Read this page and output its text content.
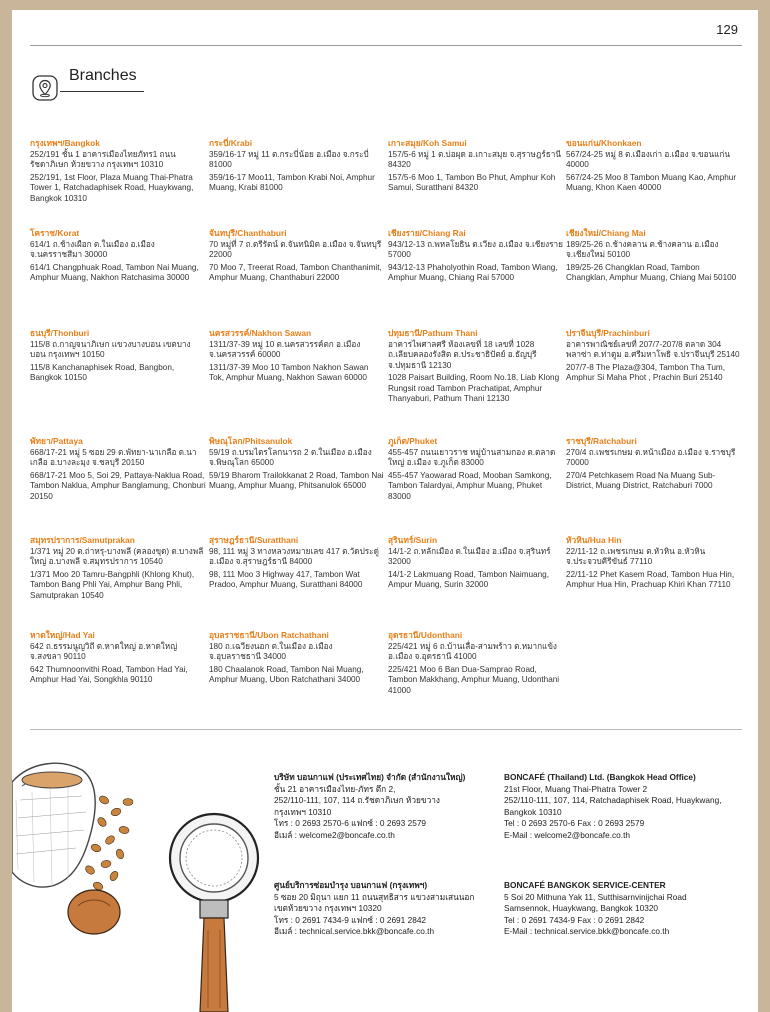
129
Branches
กรุงเทพฯ/Bangkok
252/191 ชั้น 1 อาคารเมืองไทยภัทร1 ถนนรัชดาภิเษก ห้วยขวาง กรุงเทพฯ 10310
252/191, 1st Floor, Plaza Muang Thai-Phatra Tower 1, Ratchadaphisek Road, Huaykwang, Bangkok 10310
กระบี่/Krabi
359/16-17 หมู่ 11 ต.กระบี่น้อย อ.เมือง จ.กระบี่ 81000
359/16-17 Moo11, Tambon Krabi Noi, Amphur Muang, Krabi 81000
เกาะสมุย/Koh Samui
157/5-6 หมู่ 1 ต.บ่อผุด อ.เกาะสมุย จ.สุราษฎร์ธานี 84320
157/5-6 Moo 1, Tambon Bo Phut, Amphur Koh Samui, Suratthani 84320
ขอนแก่น/Khonkaen
567/24-25 หมู่ 8 ต.เมืองเก่า อ.เมือง จ.ขอนแก่น 40000
567/24-25 Moo 8 Tambon Muang Kao, Amphur Muang, Khon Kaen 40000
โคราช/Korat
614/1 ถ.ช้างเผือก ต.ในเมือง อ.เมือง จ.นครราชสีมา 30000
614/1 Changphuak Road, Tambon Nai Muang, Amphur Muang, Nakhon Ratchasima 30000
จันทบุรี/Chanthaburi
70 หมู่ที่ 7 ถ.ตรีรัตน์ ต.จันทนิมิต อ.เมือง จ.จันทบุรี 22000
70 Moo 7, Treerat Road, Tambon Chanthanimit, Amphur Muang, Chanthaburi 22000
เชียงราย/Chiang Rai
943/12-13 ถ.พหลโยธิน ต.เวียง อ.เมือง จ.เชียงราย 57000
943/12-13 Phaholyothin Road, Tambon Wiang, Amphur Muang, Chiang Rai 57000
เชียงใหม่/Chiang Mai
189/25-26 ถ.ช้างคลาน ต.ช้างคลาน อ.เมือง จ.เชียงใหม่ 50100
189/25-26 Changklan Road, Tambon Changklan, Amphur Muang, Chiang Mai 50100
ธนบุรี/Thonburi
115/8 ถ.กาญจนาภิเษก แขวงบางบอน เขตบางบอน กรุงเทพฯ 10150
115/8 Kanchanaphisek Road, Bangbon, Bangkok 10150
นครสวรรค์/Nakhon Sawan
1311/37-39 หมู่ 10 ต.นครสวรรค์ตก อ.เมือง จ.นครสวรรค์ 60000
1311/37-39 Moo 10 Tambon Nakhon Sawan Tok, Amphur Muang, Nakhon Sawan 60000
ปทุมธานี/Pathum Thani
อาคารไพศาลศรี ห้องเลขที่ 18 เลขที่ 1028 ถ.เลียบคลองรังสิต ต.ประชาธิปัตย์ อ.ธัญบุรี จ.ปทุมธานี 12130
1028 Paisart Building, Room No.18, Liab Klong Rungsit road Tambon Prachatipat, Amphur Thanyaburi, Pathum Thani 12130
ปราจีนบุรี/Prachinburi
อาคารพาณิชย์เลขที่ 207/7-207/8 ตลาด 304 พลาซ่า ต.ท่าตูม อ.ศรีมหาโพธิ จ.ปราจีนบุรี 25140
207/7-8 The Plaza@304, Tambon Tha Tum, Amphur Si Maha Phot , Prachin Buri 25140
พัทยา/Pattaya
668/17-21 หมู่ 5 ซอย 29 ต.พัทยา-นาเกลือ ต.นาเกลือ อ.บางละมุง จ.ชลบุรี 20150
668/17-21 Moo 5, Soi 29, Pattaya-Naklua Road, Tambon Naklua, Amphur Banglamung, Chonburi 20150
พิษณุโลก/Phitsanulok
59/19 ถ.บรมไตรโลกนารถ 2 ต.ในเมือง อ.เมือง จ.พิษณุโลก 65000
59/19 Bharom Trailokkanat 2 Road, Tambon Nai Muang, Amphur Muang, Phitsanulok 65000
ภูเก็ต/Phuket
455-457 ถนนเยาวราช หมู่บ้านสามกอง ต.ตลาดใหญ่ อ.เมือง จ.ภูเก็ต 83000
455-457 Yaowarad Road, Mooban Samkong, Tambon Talardyai, Amphur Muang, Phuket 83000
ราชบุรี/Ratchaburi
270/4 ถ.เพชรเกษม ต.หน้าเมือง อ.เมือง จ.ราชบุรี 70000
270/4 Petchkasem Road Na Muang Sub-District, Muang District, Ratchaburi 7000
สมุทรปราการ/Samutprakan
1/371 หมู่ 20 ต.ถ่าหรุ-บางพลี (คลองขุด) ต.บางพลีใหญ่ อ.บางพลี จ.สมุทรปราการ 10540
1/371 Moo 20 Tamru-Bangphli (Khlong Khut), Tambon Bang Phli Yai, Amphur Bang Phli, Samutprakan 10540
สุราษฎร์ธานี/Suratthani
98, 111 หมู่ 3 ทางหลวงหมายเลข 417 ต.วัดประดู่ อ.เมือง จ.สุราษฎร์ธานี 84000
98, 111 Moo 3 Highway 417, Tambon Wat Pradoo, Amphur Muang, Suratthani 84000
สุรินทร์/Surin
14/1-2 ถ.หลักเมือง ต.ในเมือง อ.เมือง จ.สุรินทร์ 32000
14/1-2 Lakmuang Road, Tambon Naimuang, Ampur Muang, Surin 32000
หัวหิน/Hua Hin
22/11-12 ถ.เพชรเกษม ต.หัวหิน อ.หัวหิน จ.ประจวบคีรีขันธ์ 77110
22/11-12 Phet Kasem Road, Tambon Hua Hin, Amphur Hua Hin, Prachuap Khiri Khan 77110
หาดใหญ่/Had Yai
642 ถ.ธรรมนูญวิถี ต.หาดใหญ่ อ.หาดใหญ่ จ.สงขลา 90110
642 Thumnoonvithi Road, Tambon Had Yai, Amphur Had Yai, Songkhla 90110
อุบลราชธานี/Ubon Ratchathani
180 ถ.เฉวียงนอก ต.ในเมือง อ.เมือง จ.อุบลราชธานี 34000
180 Chaalanok Road, Tambon Nai Muang, Amphur Muang, Ubon Ratchathani 34000
อุดรธานี/Udonthani
225/421 หมู่ 6 ถ.บ้านเลื่อ-สามพร้าว ต.หมากแข้ง อ.เมือง จ.อุดรธานี 41000
225/421 Moo 6 Ban Dua-Samprao Road, Tambon Makkhang, Amphur Muang, Udonthani 41000
บริษัท บอนกาแฟ (ประเทศไทย) จำกัด (สำนักงานใหญ่)
ชั้น 21 อาคารเมืองไทย-ภัทร ตึก 2,
252/110-111, 107, 114 ถ.รัชดาภิเษก ห้วยขวาง
กรุงเทพฯ 10310
โทร : 0 2693 2570-6 แฟกซ์ : 0 2693 2579
อีเมล์ : welcome2@boncafe.co.th
BONCAFÉ (Thailand) Ltd. (Bangkok Head Office)
21st Floor, Muang Thai-Phatra Tower 2
252/110-111, 107, 114, Ratchadaphisek Road, Huaykwang,
Bangkok 10310
Tel : 0 2693 2570-6 Fax : 0 2693 2579
E-Mail : welcome2@boncafe.co.th
ศูนย์บริการซ่อมบำรุง บอนกาแฟ (กรุงเทพฯ)
5 ซอย 20 มิถุนา แยก 11 ถนนสุทธิสาร แขวงสามเสนนอก
เขตห้วยขวาง กรุงเทพฯ 10320
โทร : 0 2691 7434-9 แฟกซ์ : 0 2691 2842
อีเมล์ : technical.service.bkk@boncafe.co.th
BONCAFÉ BANGKOK SERVICE-CENTER
5 Soi 20 Mithuna Yak 11, Sutthisarnvinijchai Road
Samsennok, Huaykwang, Bangkok 10320
Tel : 0 2691 7434-9 Fax : 0 2691 2842
E-Mail : technical.service.bkk@boncafe.co.th
